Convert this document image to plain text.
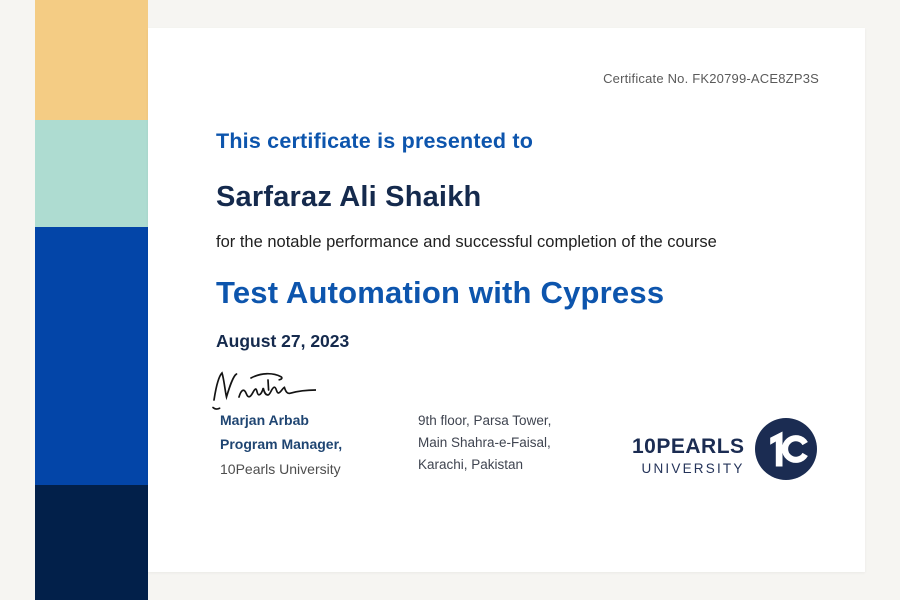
Certificate No. FK20799-ACE8ZP3S
This certificate is presented to
Sarfaraz Ali Shaikh
for the notable performance and successful completion of the course
Test Automation with Cypress
August 27, 2023
Marjan Arbab
Program Manager,
10Pearls University
9th floor, Parsa Tower,
Main Shahra-e-Faisal,
Karachi, Pakistan
10PEARLS
UNIVERSITY
